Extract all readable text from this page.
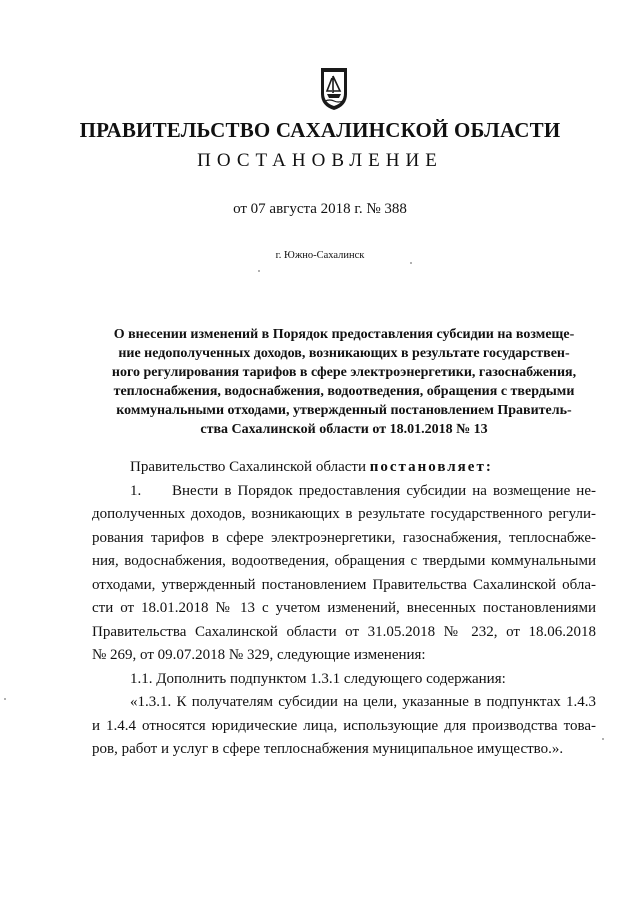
ПРАВИТЕЛЬСТВО САХАЛИНСКОЙ ОБЛАСТИ
ПОСТАНОВЛЕНИЕ
от 07 августа 2018 г. № 388
г. Южно-Сахалинск
О внесении изменений в Порядок предоставления субсидии на возмеще-
ние недополученных доходов, возникающих в результате государствен-
ного регулирования тарифов в сфере электроэнергетики, газоснабжения,
теплоснабжения, водоснабжения, водоотведения, обращения с твердыми
коммунальными отходами, утвержденный постановлением Правитель-
ства Сахалинской области от 18.01.2018 № 13
Правительство Сахалинской области постановляет:
1.	Внести в Порядок предоставления субсидии на возмещение не-
дополученных доходов, возникающих в результате государственного регули-
рования тарифов в сфере электроэнергетики, газоснабжения, теплоснабже-
ния, водоснабжения, водоотведения, обращения с твердыми коммунальными
отходами, утвержденный постановлением Правительства Сахалинской обла-
сти от 18.01.2018 № 13 с учетом изменений, внесенных постановлениями
Правительства Сахалинской области от 31.05.2018 № 232, от 18.06.2018
№ 269, от 09.07.2018 № 329, следующие изменения:
1.1. Дополнить подпунктом 1.3.1 следующего содержания:
«1.3.1. К получателям субсидии на цели, указанные в подпунктах 1.4.3
и 1.4.4 относятся юридические лица, использующие для производства това-
ров, работ и услуг в сфере теплоснабжения муниципальное имущество.».
